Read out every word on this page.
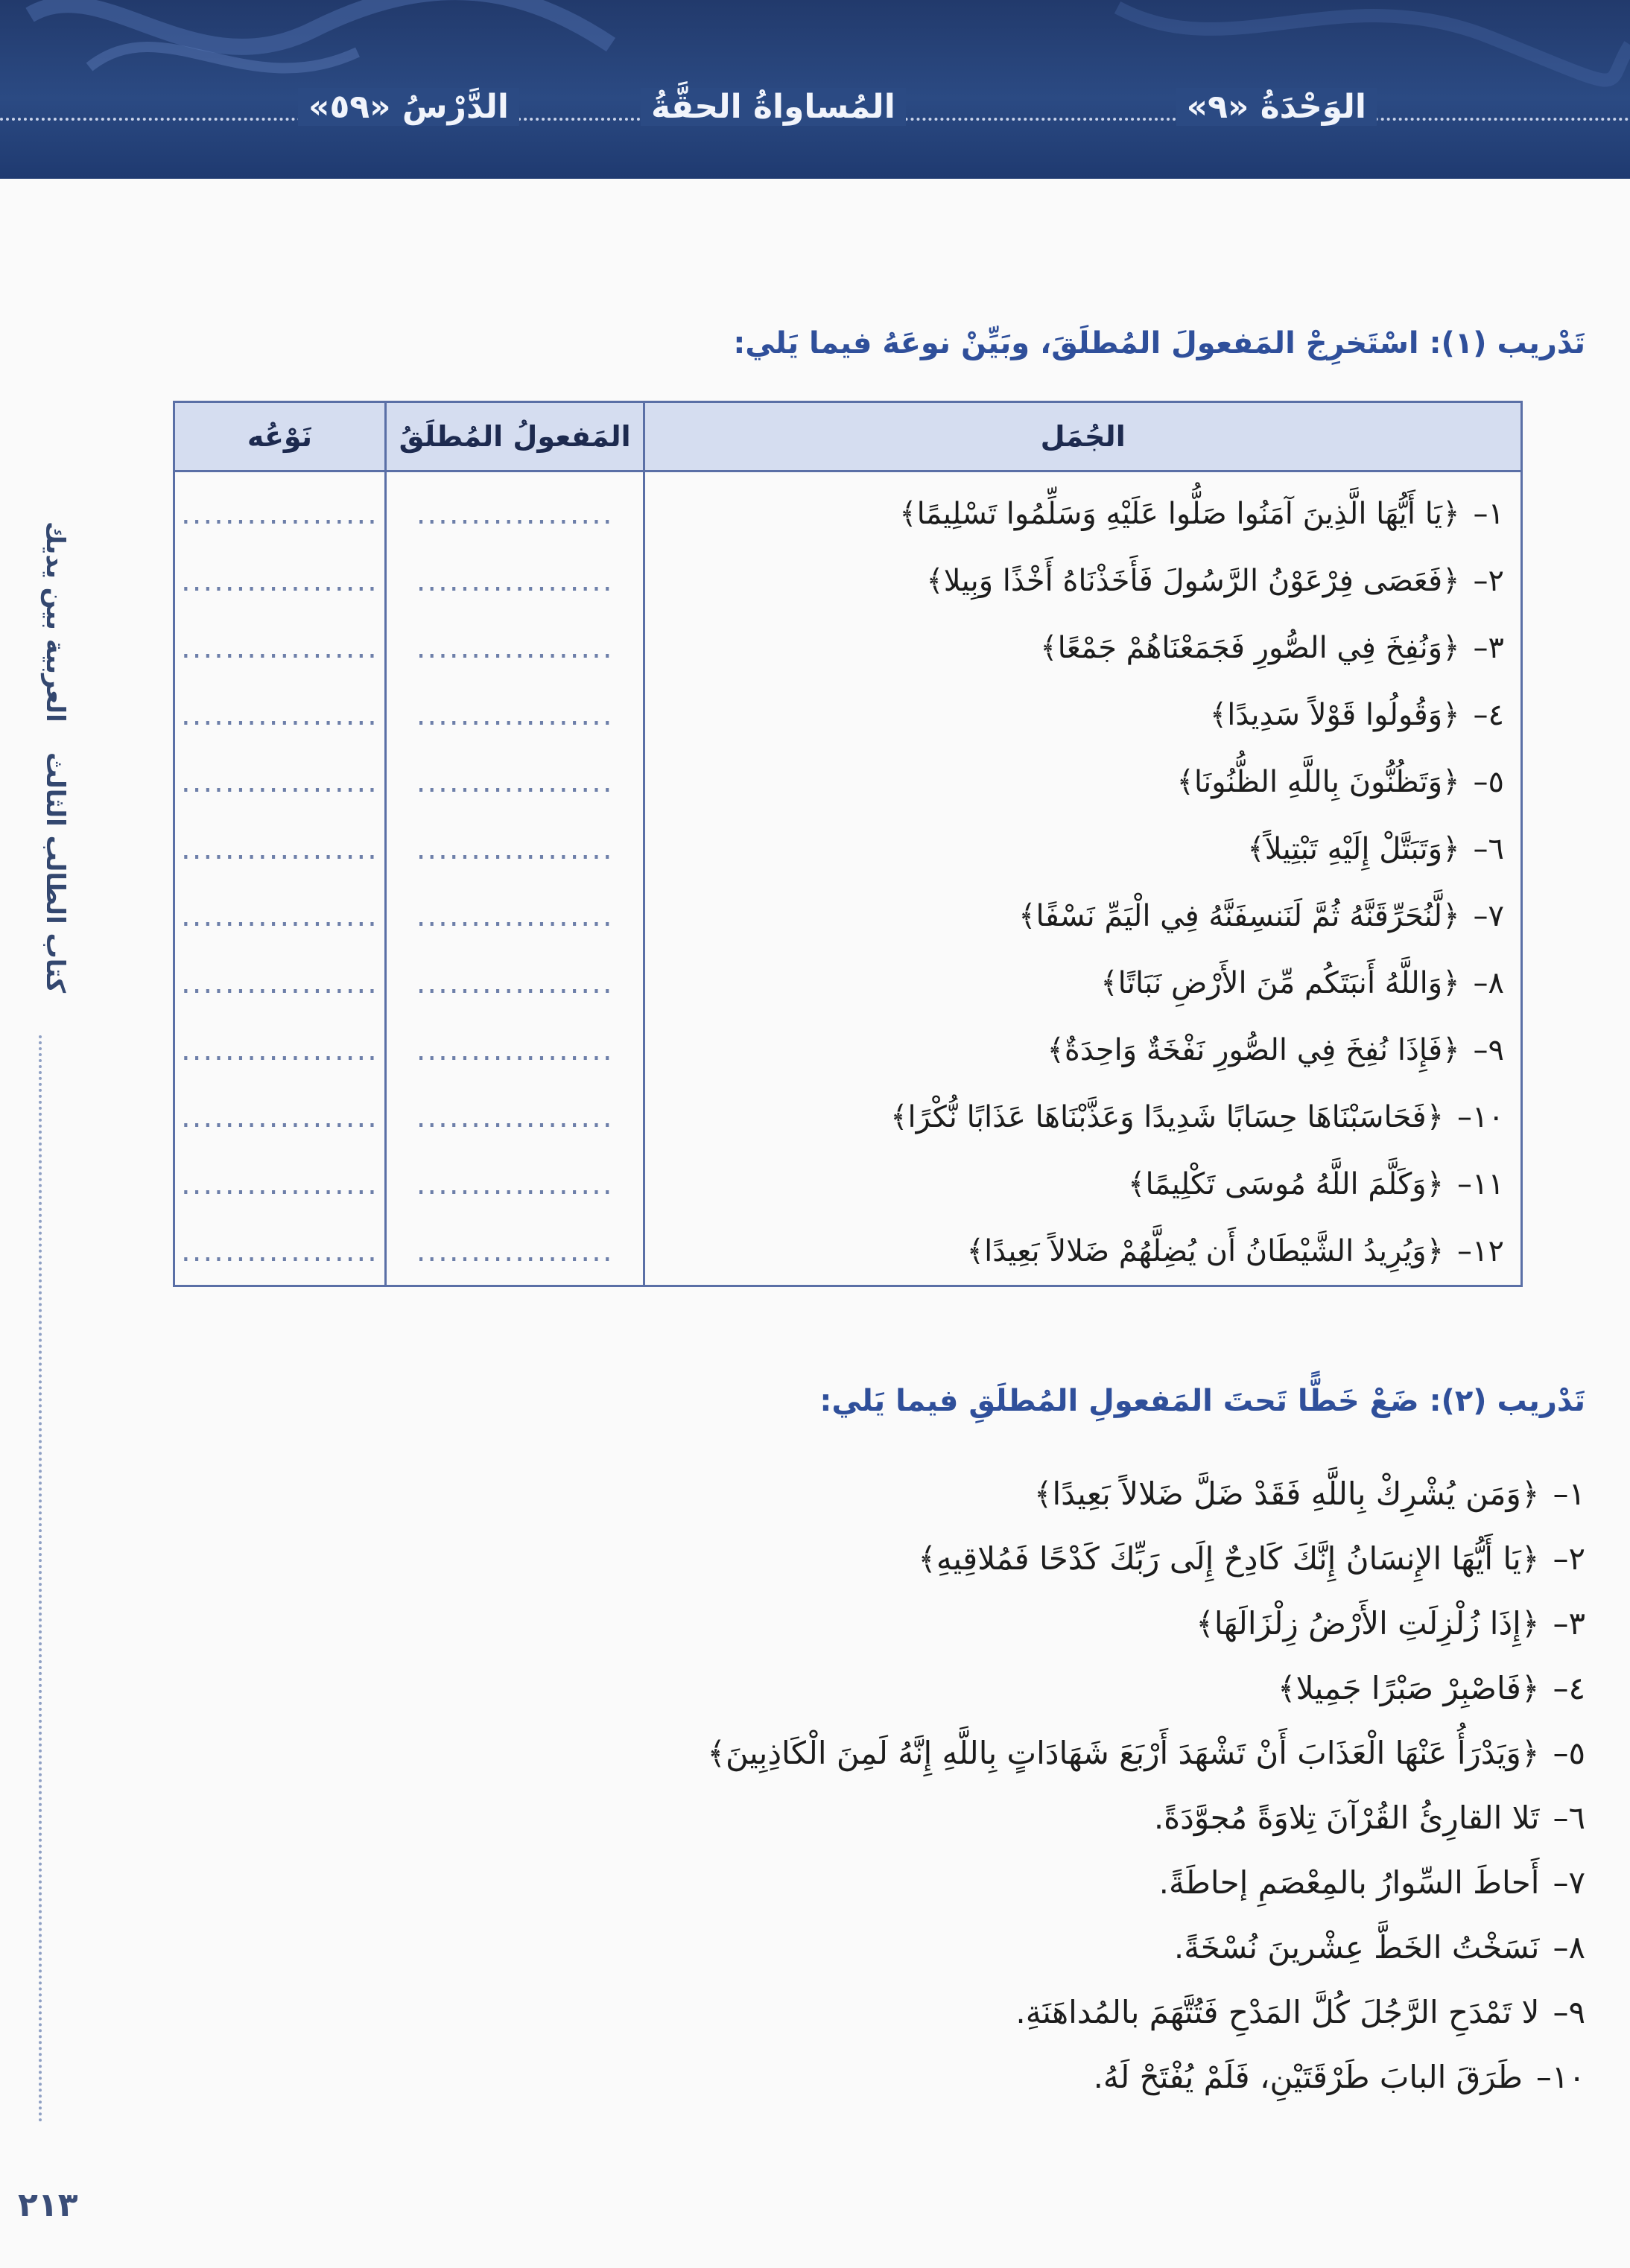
الوَحْدَةُ «٩»
المُساواةُ الحقَّةُ
الدَّرْسُ «٥٩»
العربية بين يديك
كتاب الطالب الثالث
٢١٣
تَدْريب (١): اسْتَخرِجْ المَفعولَ المُطلَقَ، وبَيِّنْ نوعَهُ فيما يَلي:
الجُمَل	المَفعولُ المُطلَقُ	نَوْعُه
١–﴿يَا أَيُّهَا الَّذِينَ آمَنُوا صَلُّوا عَلَيْهِ وَسَلِّمُوا تَسْلِيمًا﴾	..................	..................
٢–﴿فَعَصَى فِرْعَوْنُ الرَّسُولَ فَأَخَذْنَاهُ أَخْذًا وَبِيلا﴾	..................	..................
٣–﴿وَنُفِخَ فِي الصُّورِ فَجَمَعْنَاهُمْ جَمْعًا﴾	..................	..................
٤–﴿وَقُولُوا قَوْلاً سَدِيدًا﴾	..................	..................
٥–﴿وَتَظُنُّونَ بِاللَّهِ الظُّنُونَا﴾	..................	..................
٦–﴿وَتَبَتَّلْ إِلَيْهِ تَبْتِيلاً﴾	..................	..................
٧–﴿لَّنُحَرِّقَنَّهُ ثُمَّ لَنَنسِفَنَّهُ فِي الْيَمِّ نَسْفًا﴾	..................	..................
٨–﴿وَاللَّهُ أَنبَتَكُم مِّنَ الأَرْضِ نَبَاتًا﴾	..................	..................
٩–﴿فَإِذَا نُفِخَ فِي الصُّورِ نَفْخَةٌ وَاحِدَةٌ﴾	..................	..................
١٠–﴿فَحَاسَبْنَاهَا حِسَابًا شَدِيدًا وَعَذَّبْنَاهَا عَذَابًا نُّكْرًا﴾	..................	..................
١١–﴿وَكَلَّمَ اللَّهُ مُوسَى تَكْلِيمًا﴾	..................	..................
١٢–﴿وَيُرِيدُ الشَّيْطَانُ أَن يُضِلَّهُمْ ضَلالاً بَعِيدًا﴾	..................	..................
تَدْريب (٢): ضَعْ خَطًّا تَحتَ المَفعولِ المُطلَقِ فيما يَلي:
١–﴿وَمَن يُشْرِكْ بِاللَّهِ فَقَدْ ضَلَّ ضَلالاً بَعِيدًا﴾
٢–﴿يَا أَيُّهَا الإِنسَانُ إِنَّكَ كَادِحٌ إِلَى رَبِّكَ كَدْحًا فَمُلاقِيهِ﴾
٣–﴿إِذَا زُلْزِلَتِ الأَرْضُ زِلْزَالَهَا﴾
٤–﴿فَاصْبِرْ صَبْرًا جَمِيلا﴾
٥–﴿وَيَدْرَأُ عَنْهَا الْعَذَابَ أَنْ تَشْهَدَ أَرْبَعَ شَهَادَاتٍ بِاللَّهِ إِنَّهُ لَمِنَ الْكَاذِبِينَ﴾
٦–تَلا القارِئُ القُرْآنَ تِلاوَةً مُجوَّدَةً.
٧–أَحاطَ السِّوارُ بالمِعْصَمِ إحاطَةً.
٨–نَسَخْتُ الخَطَّ عِشْرينَ نُسْخَةً.
٩–لا تَمْدَحِ الرَّجُلَ كُلَّ المَدْحِ فَتُتَّهَمَ بالمُداهَنَةِ.
١٠–طَرَقَ البابَ طَرْقَتَيْنِ، فَلَمْ يُفْتَحْ لَهُ.
